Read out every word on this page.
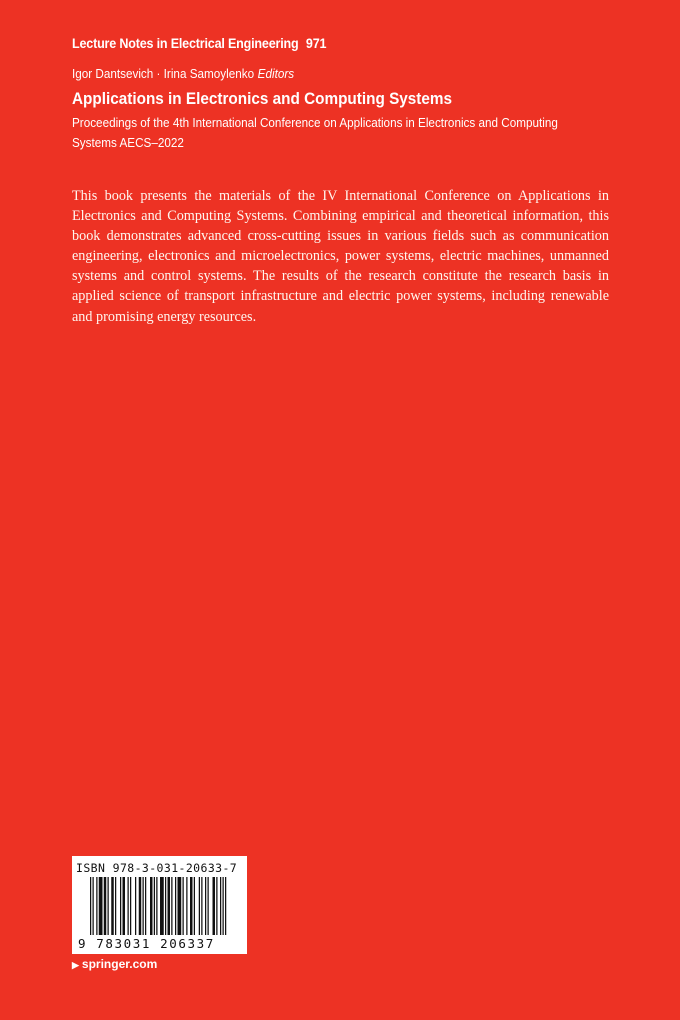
Lecture Notes in Electrical Engineering 971
Igor Dantsevich · Irina Samoylenko Editors
Applications in Electronics and Computing Systems
Proceedings of the 4th International Conference on Applications in Electronics and Computing Systems AECS–2022
This book presents the materials of the IV International Conference on Applications in Electronics and Computing Systems. Combining empirical and theoretical information, this book demonstrates advanced cross-cutting issues in various fields such as communication engineering, electronics and microelectronics, power systems, electric machines, unmanned systems and control systems. The results of the research constitute the research basis in applied science of transport infrastructure and electric power systems, including renewable and promising energy resources.
ISBN 978-3-031-20633-7
9 783031 206337
▶ springer.com
